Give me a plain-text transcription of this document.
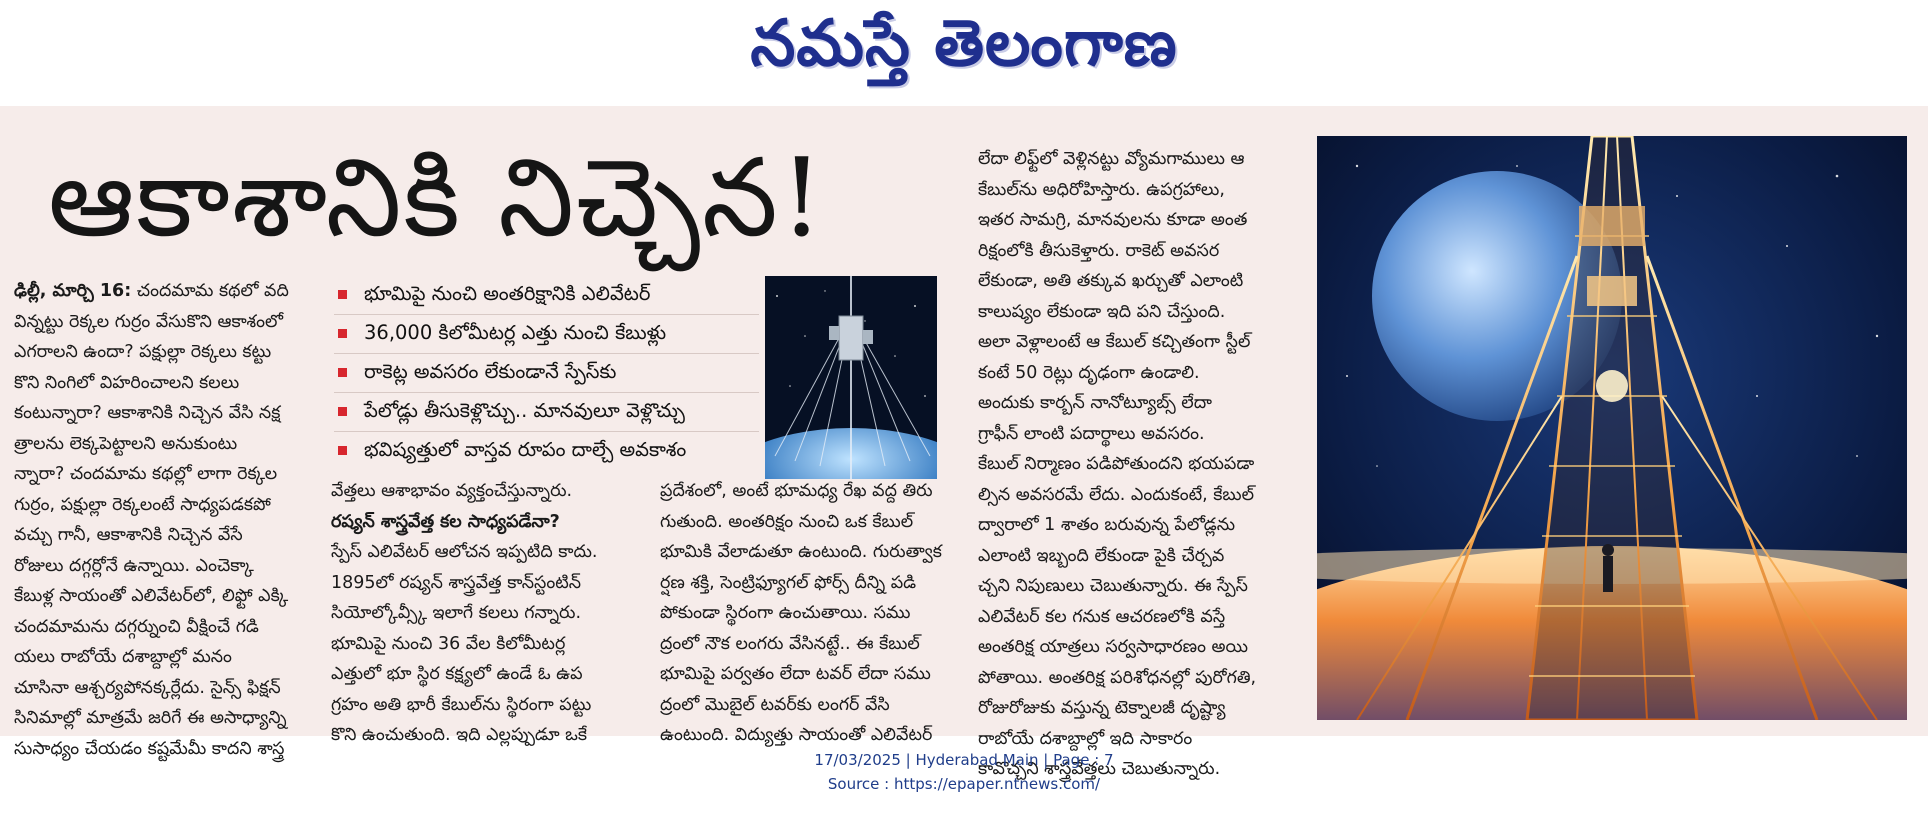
నమస్తే తెలంగాణ
ఆకాశానికి నిచ్చెన!
ఢిల్లీ, మార్చి 16: చందమామ కథలో వది
విన్నట్టు రెక్కల గుర్రం వేసుకొని ఆకాశంలో
ఎగరాలని ఉందా? పక్షుల్లా రెక్కలు కట్టు
కొని నింగిలో విహరించాలని కలలు
కంటున్నారా? ఆకాశానికి నిచ్చెన వేసి నక్ష
త్రాలను లెక్కపెట్టాలని అనుకుంటు
న్నారా? చందమామ కథల్లో లాగా రెక్కల
గుర్రం, పక్షుల్లా రెక్కలంటే సాధ్యపడకపో
వచ్చు గానీ, ఆకాశానికి నిచ్చెన వేసే
రోజులు దగ్గర్లోనే ఉన్నాయి. ఎంచెక్కా
కేబుళ్ల సాయంతో ఎలివేటర్‌లో, లిఫ్టో ఎక్కి
చందమామను దగ్గర్నుంచి వీక్షించే గడి
యలు రాబోయే దశాబ్దాల్లో మనం
చూసినా ఆశ్చర్యపోనక్కర్లేదు. సైన్స్ ఫిక్షన్
సినిమాల్లో మాత్రమే జరిగే ఈ అసాధ్యాన్ని
సుసాధ్యం చేయడం కష్టమేమీ కాదని శాస్త్ర
భూమిపై నుంచి అంతరిక్షానికి ఎలివేటర్
36,000 కిలోమీటర్ల ఎత్తు నుంచి కేబుళ్లు
రాకెట్ల అవసరం లేకుండానే స్పేస్‌కు
పేలోడ్లు తీసుకెళ్లొచ్చు.. మానవులూ వెళ్లొచ్చు
భవిష్యత్తులో వాస్తవ రూపం దాల్చే అవకాశం
వేత్తలు ఆశాభావం వ్యక్తంచేస్తున్నారు.
రష్యన్ శాస్త్రవేత్త కల సాధ్యపడేనా?
స్పేస్ ఎలివేటర్ ఆలోచన ఇప్పటిది కాదు.
1895లో రష్యన్ శాస్త్రవేత్త కాన్‌స్టంటిన్
సియోల్కోవ్స్కీ ఇలాగే కలలు గన్నారు.
భూమిపై నుంచి 36 వేల కిలోమీటర్ల
ఎత్తులో భూ స్థిర కక్ష్యలో ఉండే ఓ ఉప
గ్రహం అతి భారీ కేబుల్‌ను స్థిరంగా పట్టు
కొని ఉంచుతుంది. ఇది ఎల్లప్పుడూ ఒకే
ప్రదేశంలో, అంటే భూమధ్య రేఖ వద్ద తిరు
గుతుంది. అంతరిక్షం నుంచి ఒక కేబుల్
భూమికి వేలాడుతూ ఉంటుంది. గురుత్వాక
ర్షణ శక్తి, సెంట్రిఫ్యూగల్ ఫోర్స్ దీన్ని పడి
పోకుండా స్థిరంగా ఉంచుతాయి. సము
ద్రంలో నౌక లంగరు వేసినట్టే.. ఈ కేబుల్
భూమిపై పర్వతం లేదా టవర్ లేదా సము
ద్రంలో మొబైల్ టవర్‌కు లంగర్ వేసి
ఉంటుంది. విద్యుత్తు సాయంతో ఎలివేటర్
లేదా లిఫ్ట్‌లో వెళ్లినట్టు వ్యోమగాములు ఆ
కేబుల్‌ను అధిరోహిస్తారు. ఉపగ్రహాలు,
ఇతర సామగ్రి, మానవులను కూడా అంత
రిక్షంలోకి తీసుకెళ్తారు. రాకెట్ అవసర
లేకుండా, అతి తక్కువ ఖర్చుతో ఎలాంటి
కాలుష్యం లేకుండా ఇది పని చేస్తుంది.
అలా వెళ్లాలంటే ఆ కేబుల్ కచ్చితంగా స్టీల్
కంటే 50 రెట్లు దృఢంగా ఉండాలి.
అందుకు కార్బన్ నానోట్యూబ్స్ లేదా
గ్రాఫీన్ లాంటి పదార్థాలు అవసరం.
కేబుల్ నిర్మాణం పడిపోతుందని భయపడా
ల్సిన అవసరమే లేదు. ఎందుకంటే, కేబుల్
ద్వారాలో 1 శాతం బరువున్న పేలోడ్లను
ఎలాంటి ఇబ్బంది లేకుండా పైకి చేర్చవ
చ్చని నిపుణులు చెబుతున్నారు. ఈ స్పేస్
ఎలివేటర్ కల గనుక ఆచరణలోకి వస్తే
అంతరిక్ష యాత్రలు సర్వసాధారణం అయి
పోతాయి. అంతరిక్ష పరిశోధనల్లో పురోగతి,
రోజురోజుకు వస్తున్న టెక్నాలజీ దృష్ట్యా
రాబోయే దశాబ్దాల్లో ఇది సాకారం
కావొచ్చని శాస్త్రవేత్తలు చెబుతున్నారు.
17/03/2025 | Hyderabad Main | Page : 7
Source : https://epaper.ntnews.com/
